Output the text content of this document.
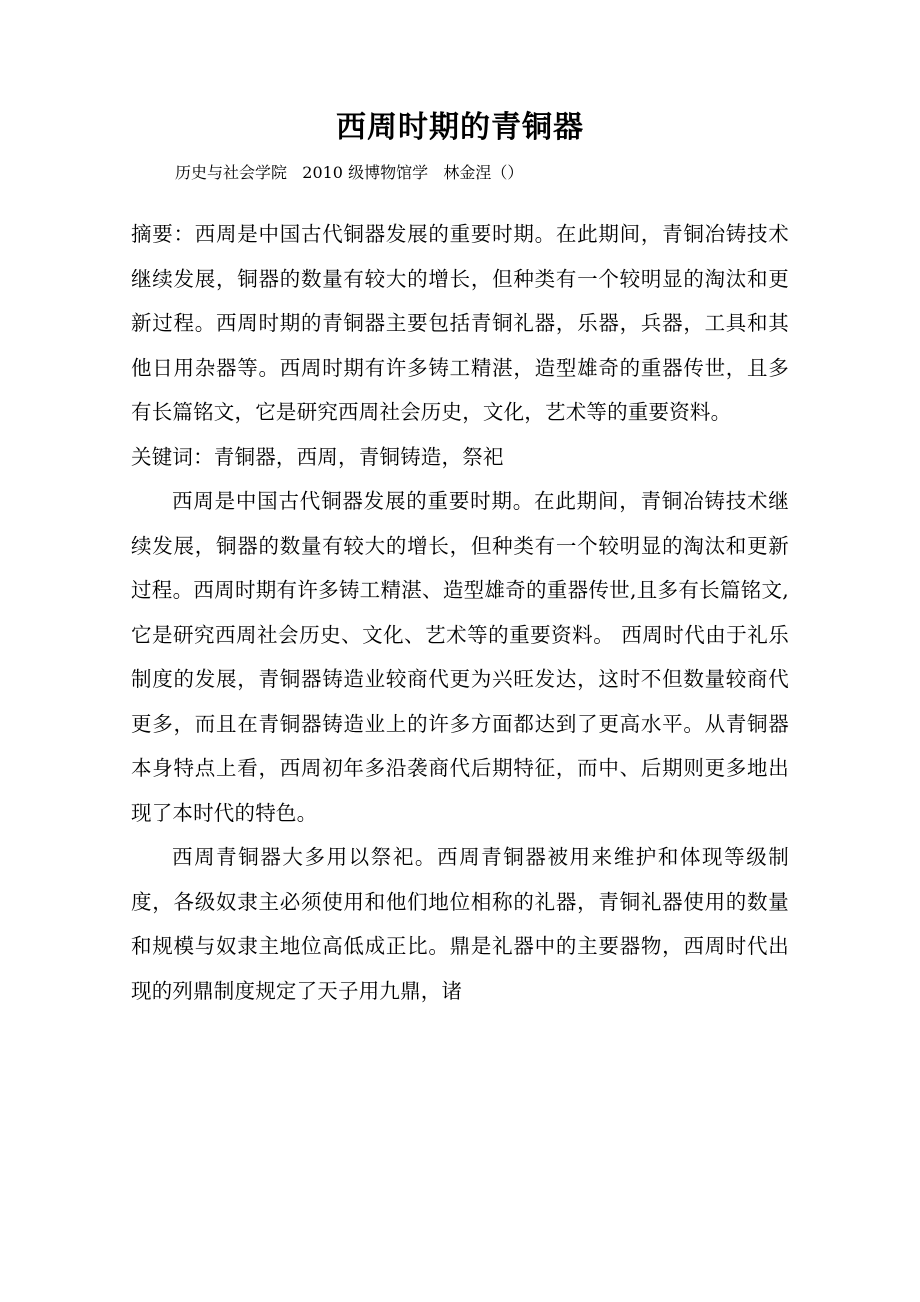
西周时期的青铜器
历史与社会学院   2010 级博物馆学   林金涅（）

摘要：西周是中国古代铜器发展的重要时期。在此期间，青铜冶铸技术继续发展，铜器的数量有较大的增长，但种类有一个较明显的淘汰和更新过程。西周时期的青铜器主要包括青铜礼器，乐器，兵器，工具和其他日用杂器等。西周时期有许多铸工精湛，造型雄奇的重器传世，且多有长篇铭文，它是研究西周社会历史，文化，艺术等的重要资料。

关键词：青铜器，西周，青铜铸造，祭祀

西周是中国古代铜器发展的重要时期。在此期间，青铜冶铸技术继续发展，铜器的数量有较大的增长，但种类有一个较明显的淘汰和更新过程。西周时期有许多铸工精湛、造型雄奇的重器传世,且多有长篇铭文,它是研究西周社会历史、文化、艺术等的重要资料。 西周时代由于礼乐制度的发展，青铜器铸造业较商代更为兴旺发达，这时不但数量较商代更多，而且在青铜器铸造业上的许多方面都达到了更高水平。从青铜器本身特点上看，西周初年多沿袭商代后期特征，而中、后期则更多地出现了本时代的特色。

西周青铜器大多用以祭祀。西周青铜器被用来维护和体现等级制度，各级奴隶主必须使用和他们地位相称的礼器，青铜礼器使用的数量和规模与奴隶主地位高低成正比。鼎是礼器中的主要器物，西周时代出现的列鼎制度规定了天子用九鼎，诸
